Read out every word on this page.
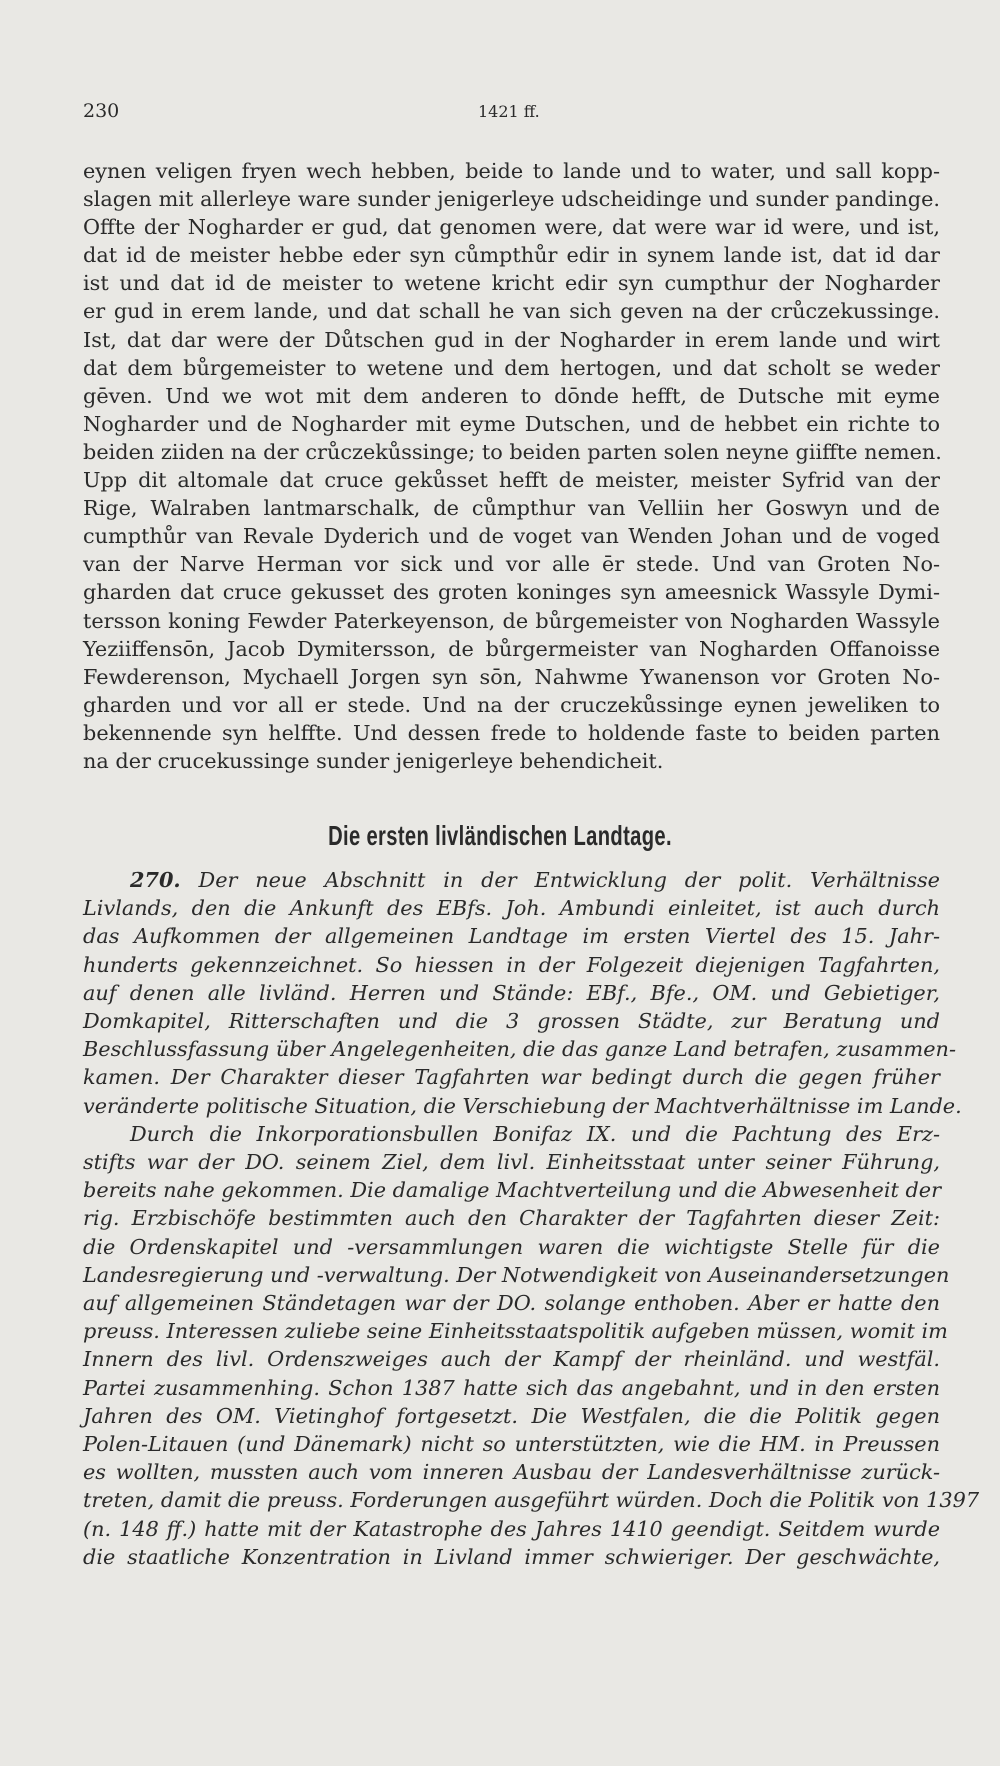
230	1421 ff.
eynen veligen fryen wech hebben, beide to lande und to water, und sall kopp-
slagen mit allerleye ware sunder jenigerleye udscheidinge und sunder pandinge.
Offte der Nogharder er gud, dat genomen were, dat were war id were, und ist,
dat id de meister hebbe eder syn cůmpthůr edir in synem lande ist, dat id dar
ist und dat id de meister to wetene kricht edir syn cumpthur der Nogharder
er gud in erem lande, und dat schall he van sich geven na der crůczekussinge.
Ist, dat dar were der Důtschen gud in der Nogharder in erem lande und wirt
dat dem bůrgemeister to wetene und dem hertogen, und dat scholt se weder
gēven. Und we wot mit dem anderen to dōnde hefft, de Dutsche mit eyme
Nogharder und de Nogharder mit eyme Dutschen, und de hebbet ein richte to
beiden ziiden na der crůczekůssinge; to beiden parten solen neyne giiffte nemen.
Upp dit altomale dat cruce gekůsset hefft de meister, meister Syfrid van der
Rige, Walraben lantmarschalk, de cůmpthur van Velliin her Goswyn und de
cumpthůr van Revale Dyderich und de voget van Wenden Johan und de voged
van der Narve Herman vor sick und vor alle ēr stede. Und van Groten No-
gharden dat cruce gekusset des groten koninges syn ameesnick Wassyle Dymi-
tersson koning Fewder Paterkeyenson, de bůrgemeister von Nogharden Wassyle
Yeziiffensōn, Jacob Dymitersson, de bůrgermeister van Nogharden Offanoisse
Fewderenson, Mychaell Jorgen syn sōn, Nahwme Ywanenson vor Groten No-
gharden und vor all er stede. Und na der cruczekůssinge eynen jeweliken to
bekennende syn helffte. Und dessen frede to holdende faste to beiden parten
na der crucekussinge sunder jenigerleye behendicheit.
Die ersten livländischen Landtage.
270. Der neue Abschnitt in der Entwicklung der polit. Verhältnisse
Livlands, den die Ankunft des EBfs. Joh. Ambundi einleitet, ist auch durch
das Aufkommen der allgemeinen Landtage im ersten Viertel des 15. Jahr-
hunderts gekennzeichnet. So hiessen in der Folgezeit diejenigen Tagfahrten,
auf denen alle livländ. Herren und Stände: EBf., Bfe., OM. und Gebietiger,
Domkapitel, Ritterschaften und die 3 grossen Städte, zur Beratung und
Beschlussfassung über Angelegenheiten, die das ganze Land betrafen, zusammen-
kamen. Der Charakter dieser Tagfahrten war bedingt durch die gegen früher
veränderte politische Situation, die Verschiebung der Machtverhältnisse im Lande.
Durch die Inkorporationsbullen Bonifaz IX. und die Pachtung des Erz-
stifts war der DO. seinem Ziel, dem livl. Einheitsstaat unter seiner Führung,
bereits nahe gekommen. Die damalige Machtverteilung und die Abwesenheit der
rig. Erzbischöfe bestimmten auch den Charakter der Tagfahrten dieser Zeit:
die Ordenskapitel und -versammlungen waren die wichtigste Stelle für die
Landesregierung und -verwaltung. Der Notwendigkeit von Auseinandersetzungen
auf allgemeinen Ständetagen war der DO. solange enthoben. Aber er hatte den
preuss. Interessen zuliebe seine Einheitsstaatspolitik aufgeben müssen, womit im
Innern des livl. Ordenszweiges auch der Kampf der rheinländ. und westfäl.
Partei zusammenhing. Schon 1387 hatte sich das angebahnt, und in den ersten
Jahren des OM. Vietinghof fortgesetzt. Die Westfalen, die die Politik gegen
Polen-Litauen (und Dänemark) nicht so unterstützten, wie die HM. in Preussen
es wollten, mussten auch vom inneren Ausbau der Landesverhältnisse zurück-
treten, damit die preuss. Forderungen ausgeführt würden. Doch die Politik von 1397
(n. 148 ff.) hatte mit der Katastrophe des Jahres 1410 geendigt. Seitdem wurde
die staatliche Konzentration in Livland immer schwieriger. Der geschwächte,
